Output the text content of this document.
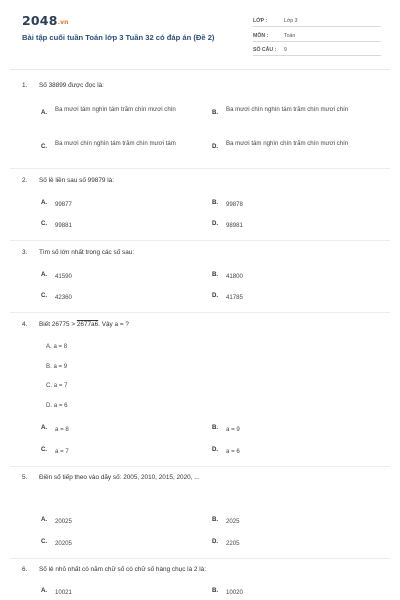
2048.vn
Bài tập cuối tuần Toán lớp 3 Tuần 32 có đáp án (Đề 2)
LỚP :	Lớp 3
MÔN :	Toán
SỐ CÂU : 9
1. Số 38899 được đọc là:
A. Ba mươi tám nghìn tám trăm chín mươi chín	B. Ba mươi chín nghìn tám trăm chín mươi chín
C. Ba mươi chín nghìn tám trăm chín mươi tám	D. Ba mươi tám nghìn chín trăm chín mươi chín
2. Số lẻ liền sau số 99879 là:
A. 99877	B. 99878
C. 99881	D. 98981
3. Tìm số lớn nhất trong các số sau:
A. 41590	B. 41800
C. 42360	D. 41785
4. Biết 26775 > 2677a6. Vậy a = ?
A. a = 8
B. a = 9
C. a = 7
D. a = 6
A. a = 8	B. a = 9
C. a = 7	D. a = 6
5. Điền số tiếp theo vào dãy số: 2005, 2010, 2015, 2020, ...
A. 20025	B. 2025
C. 20205	D. 2205
6. Số lẻ nhỏ nhất có năm chữ số có chữ số hàng chục là 2 là:
A. 10021	B. 10020
